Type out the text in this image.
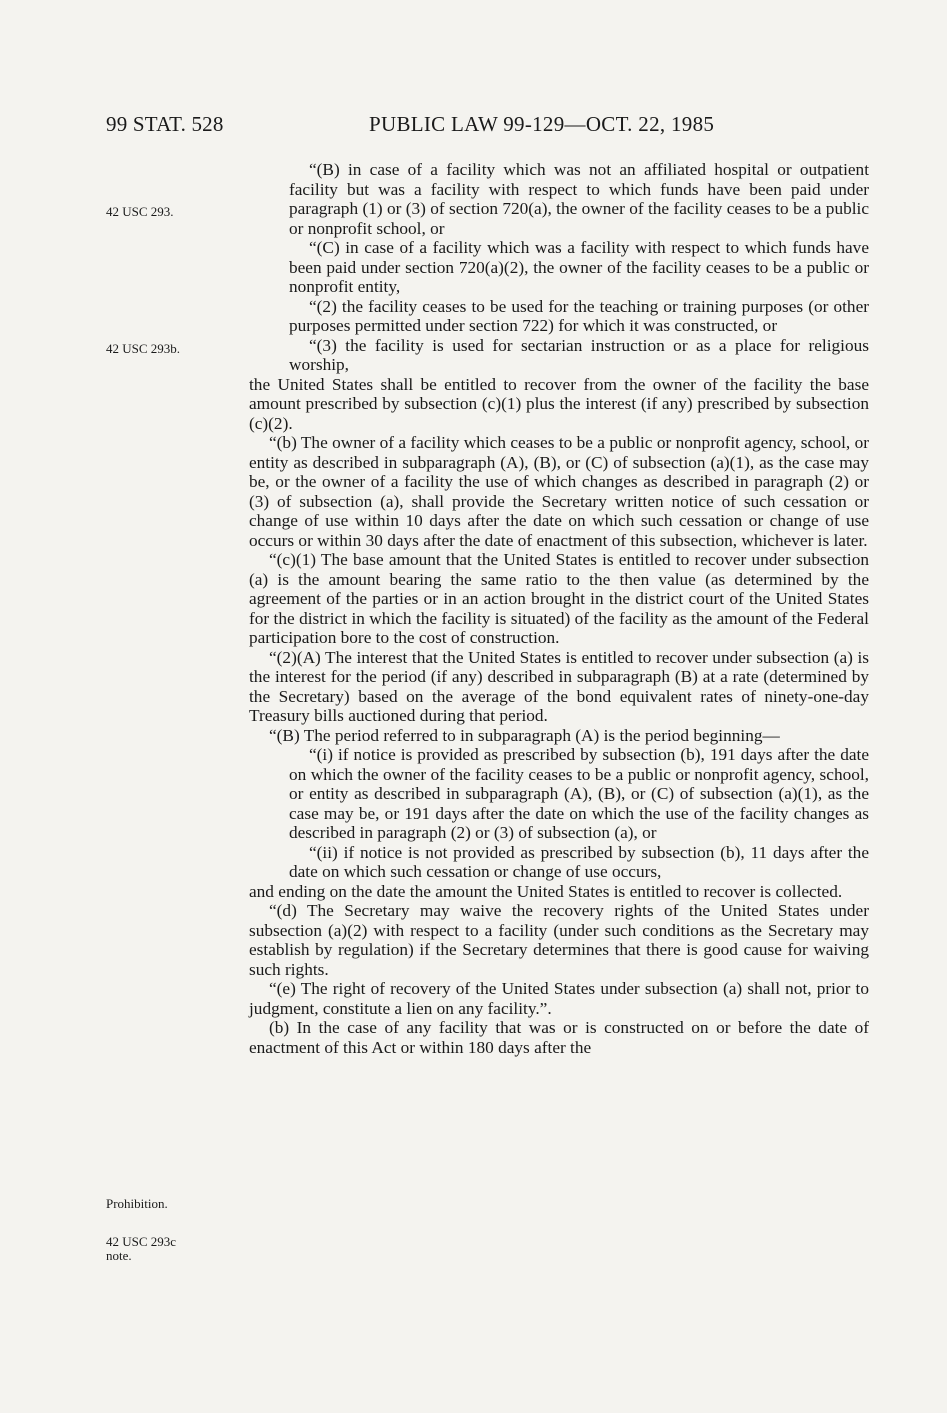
99 STAT. 528	PUBLIC LAW 99-129—OCT. 22, 1985
42 USC 293.
42 USC 293b.
Prohibition.
42 USC 293c
note.

“(B) in case of a facility which was not an affiliated hospital or outpatient facility but was a facility with respect to which funds have been paid under paragraph (1) or (3) of section 720(a), the owner of the facility ceases to be a public or nonprofit school, or

“(C) in case of a facility which was a facility with respect to which funds have been paid under section 720(a)(2), the owner of the facility ceases to be a public or nonprofit entity,

“(2) the facility ceases to be used for the teaching or training purposes (or other purposes permitted under section 722) for which it was constructed, or

“(3) the facility is used for sectarian instruction or as a place for religious worship,

the United States shall be entitled to recover from the owner of the facility the base amount prescribed by subsection (c)(1) plus the interest (if any) prescribed by subsection (c)(2).

“(b) The owner of a facility which ceases to be a public or nonprofit agency, school, or entity as described in subparagraph (A), (B), or (C) of subsection (a)(1), as the case may be, or the owner of a facility the use of which changes as described in paragraph (2) or (3) of subsection (a), shall provide the Secretary written notice of such cessation or change of use within 10 days after the date on which such cessation or change of use occurs or within 30 days after the date of enactment of this subsection, whichever is later.

“(c)(1) The base amount that the United States is entitled to recover under subsection (a) is the amount bearing the same ratio to the then value (as determined by the agreement of the parties or in an action brought in the district court of the United States for the district in which the facility is situated) of the facility as the amount of the Federal participation bore to the cost of construction.

“(2)(A) The interest that the United States is entitled to recover under subsection (a) is the interest for the period (if any) described in subparagraph (B) at a rate (determined by the Secretary) based on the average of the bond equivalent rates of ninety-one-day Treasury bills auctioned during that period.

“(B) The period referred to in subparagraph (A) is the period beginning—

“(i) if notice is provided as prescribed by subsection (b), 191 days after the date on which the owner of the facility ceases to be a public or nonprofit agency, school, or entity as described in subparagraph (A), (B), or (C) of subsection (a)(1), as the case may be, or 191 days after the date on which the use of the facility changes as described in paragraph (2) or (3) of subsection (a), or

“(ii) if notice is not provided as prescribed by subsection (b), 11 days after the date on which such cessation or change of use occurs,

and ending on the date the amount the United States is entitled to recover is collected.

“(d) The Secretary may waive the recovery rights of the United States under subsection (a)(2) with respect to a facility (under such conditions as the Secretary may establish by regulation) if the Secretary determines that there is good cause for waiving such rights.

“(e) The right of recovery of the United States under subsection (a) shall not, prior to judgment, constitute a lien on any facility.”.

(b) In the case of any facility that was or is constructed on or before the date of enactment of this Act or within 180 days after the
